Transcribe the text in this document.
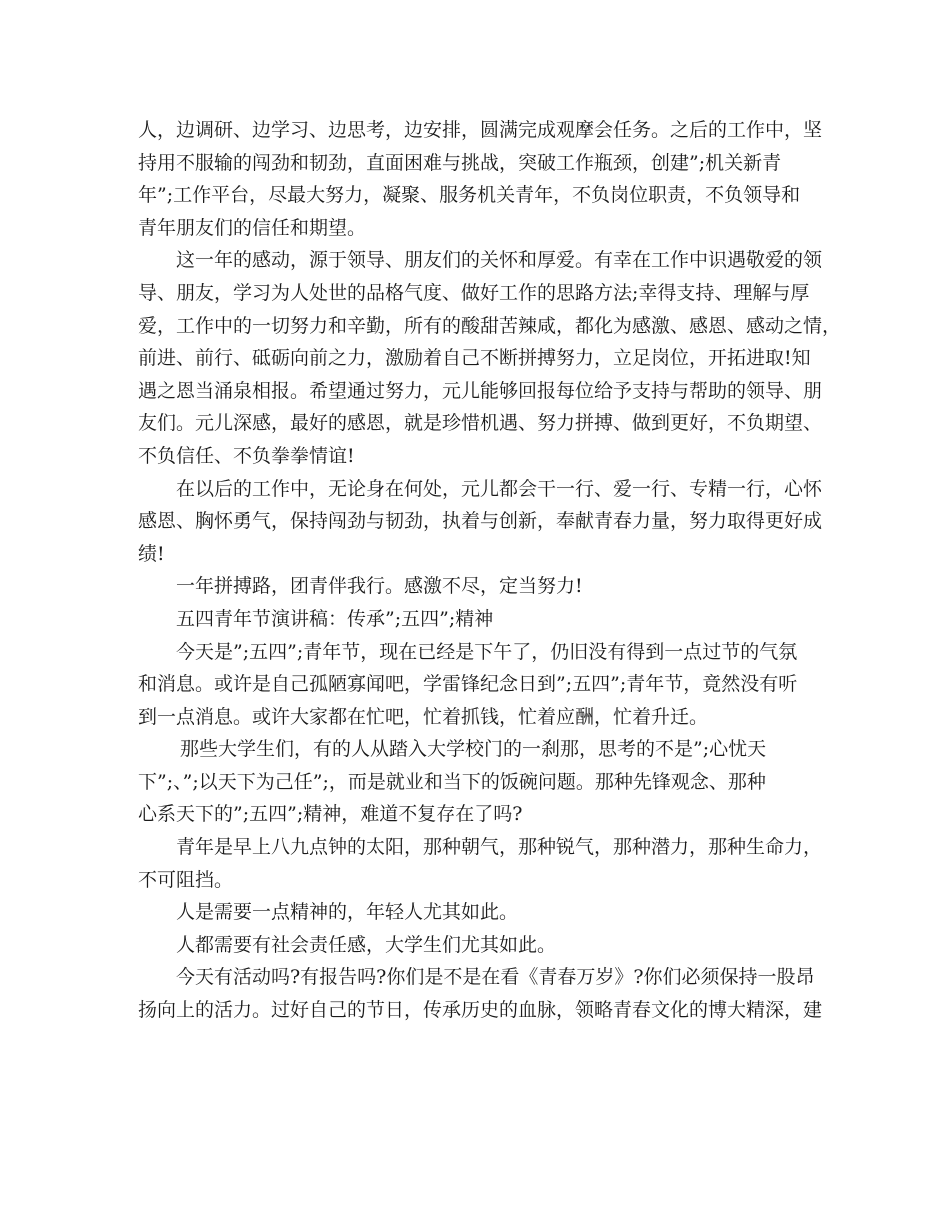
人，边调研、边学习、边思考，边安排，圆满完成观摩会任务。之后的工作中，坚
持用不服输的闯劲和韧劲，直面困难与挑战，突破工作瓶颈，创建”;机关新青
年”;工作平台，尽最大努力，凝聚、服务机关青年，不负岗位职责，不负领导和
青年朋友们的信任和期望。
这一年的感动，源于领导、朋友们的关怀和厚爱。有幸在工作中识遇敬爱的领
导、朋友，学习为人处世的品格气度、做好工作的思路方法;幸得支持、理解与厚
爱，工作中的一切努力和辛勤，所有的酸甜苦辣咸，都化为感激、感恩、感动之情，
前进、前行、砥砺向前之力，激励着自己不断拼搏努力，立足岗位，开拓进取!知
遇之恩当涌泉相报。希望通过努力，元儿能够回报每位给予支持与帮助的领导、朋
友们。元儿深感，最好的感恩，就是珍惜机遇、努力拼搏、做到更好，不负期望、
不负信任、不负拳拳情谊!
在以后的工作中，无论身在何处，元儿都会干一行、爱一行、专精一行，心怀
感恩、胸怀勇气，保持闯劲与韧劲，执着与创新，奉献青春力量，努力取得更好成
绩!
一年拼搏路，团青伴我行。感激不尽，定当努力!
五四青年节演讲稿：传承”;五四”;精神
今天是”;五四”;青年节，现在已经是下午了，仍旧没有得到一点过节的气氛
和消息。或许是自己孤陋寡闻吧，学雷锋纪念日到”;五四”;青年节，竟然没有听
到一点消息。或许大家都在忙吧，忙着抓钱，忙着应酬，忙着升迁。
那些大学生们，有的人从踏入大学校门的一刹那，思考的不是”;心忧天
下”;、”;以天下为己任”;，而是就业和当下的饭碗问题。那种先锋观念、那种
心系天下的”;五四”;精神，难道不复存在了吗?
青年是早上八九点钟的太阳，那种朝气，那种锐气，那种潜力，那种生命力，
不可阻挡。
人是需要一点精神的，年轻人尤其如此。
人都需要有社会责任感，大学生们尤其如此。
今天有活动吗?有报告吗?你们是不是在看《青春万岁》?你们必须保持一股昂
扬向上的活力。过好自己的节日，传承历史的血脉，领略青春文化的博大精深，建
